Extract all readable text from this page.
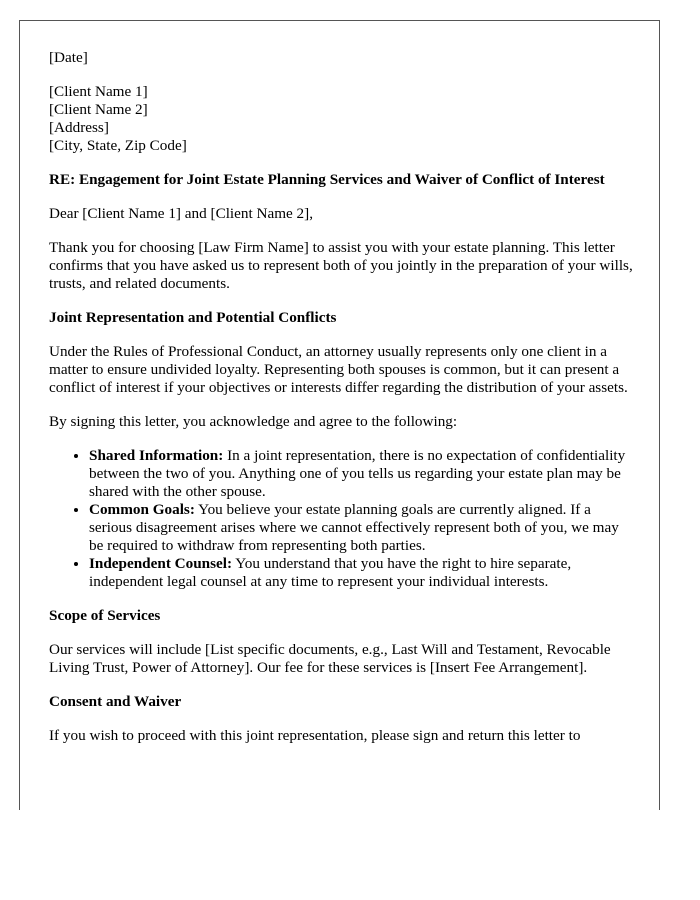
[Date]

[Client Name 1]
[Client Name 2]
[Address]
[City, State, Zip Code]

RE: Engagement for Joint Estate Planning Services and Waiver of Conflict of Interest

Dear [Client Name 1] and [Client Name 2],

Thank you for choosing [Law Firm Name] to assist you with your estate planning. This letter confirms that you have asked us to represent both of you jointly in the preparation of your wills, trusts, and related documents.

Joint Representation and Potential Conflicts

Under the Rules of Professional Conduct, an attorney usually represents only one client in a matter to ensure undivided loyalty. Representing both spouses is common, but it can present a conflict of interest if your objectives or interests differ regarding the distribution of your assets.

By signing this letter, you acknowledge and agree to the following:

• Shared Information: In a joint representation, there is no expectation of confidentiality between the two of you. Anything one of you tells us regarding your estate plan may be shared with the other spouse.
• Common Goals: You believe your estate planning goals are currently aligned. If a serious disagreement arises where we cannot effectively represent both of you, we may be required to withdraw from representing both parties.
• Independent Counsel: You understand that you have the right to hire separate, independent legal counsel at any time to represent your individual interests.

Scope of Services

Our services will include [List specific documents, e.g., Last Will and Testament, Revocable Living Trust, Power of Attorney]. Our fee for these services is [Insert Fee Arrangement].

Consent and Waiver

If you wish to proceed with this joint representation, please sign and return this letter to
